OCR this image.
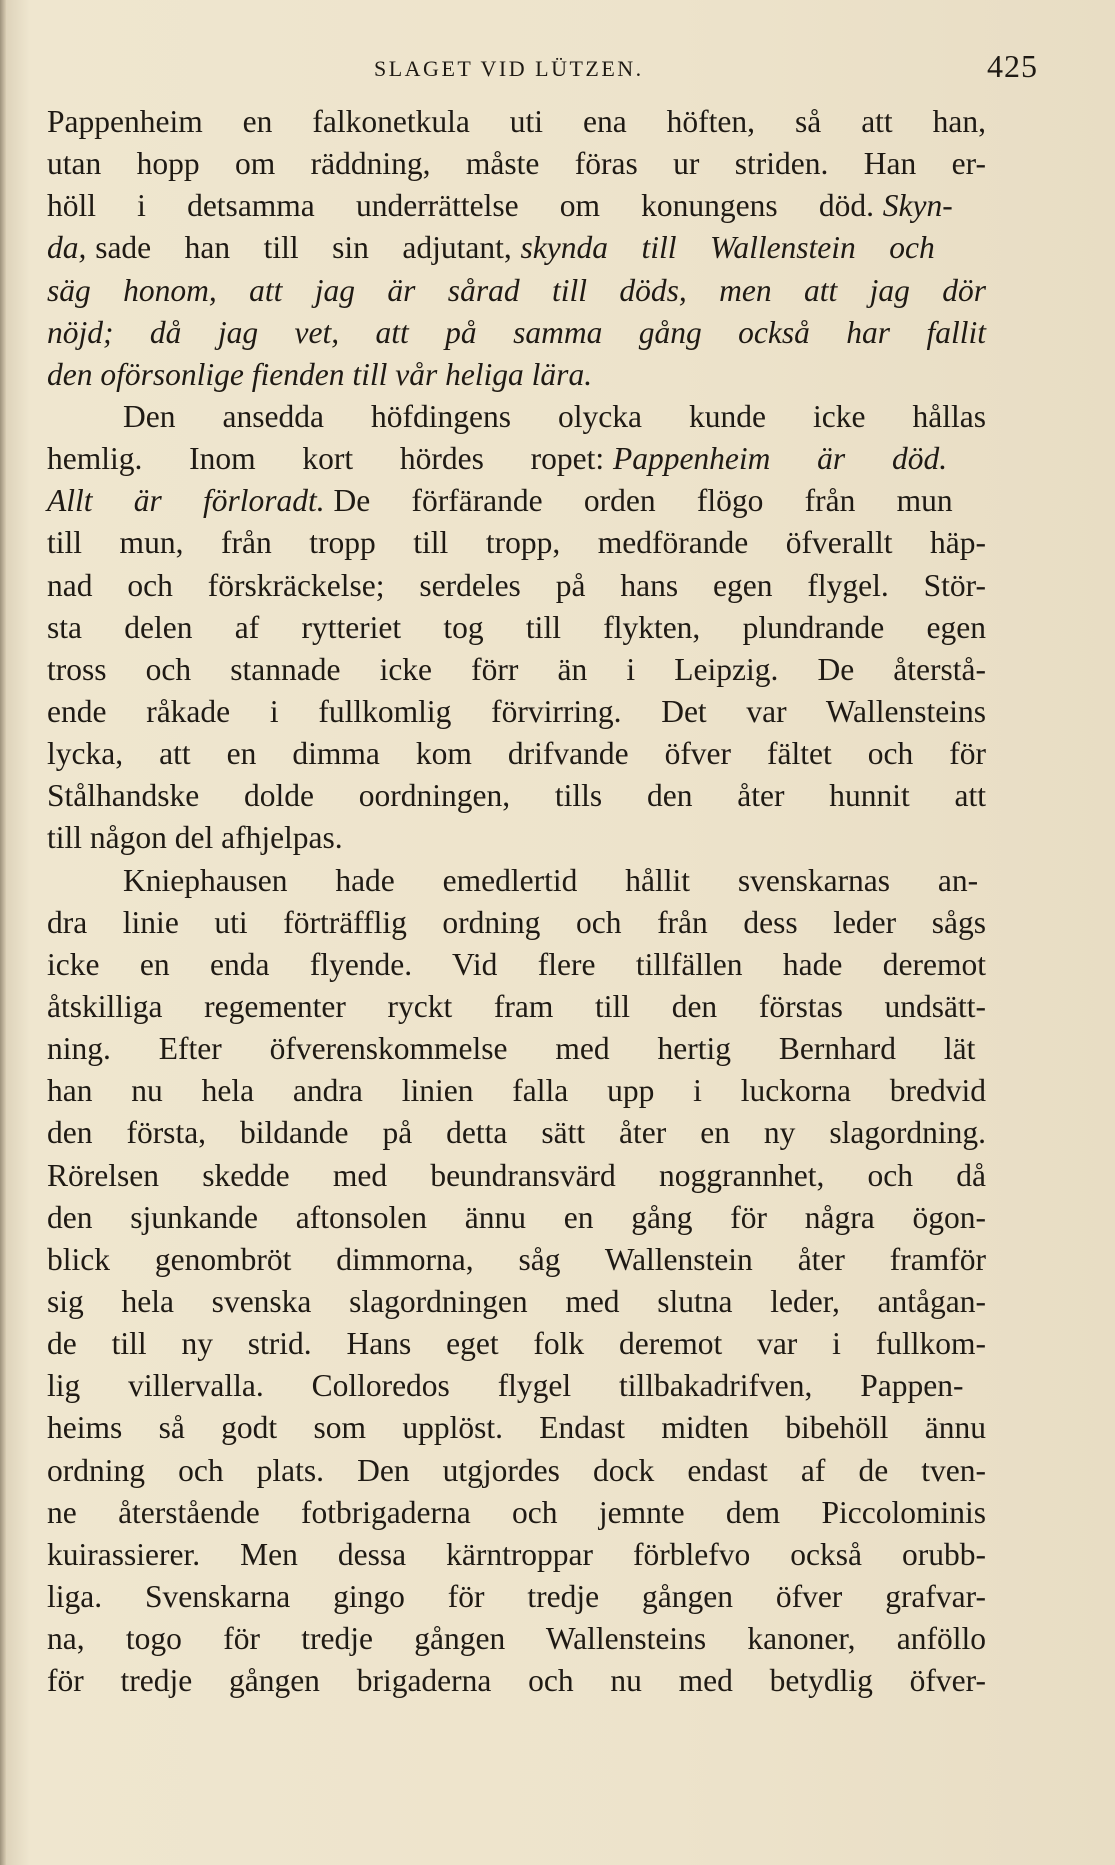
SLAGET VID LÜTZEN.	425
Pappenheim en falkonetkula uti ena höften, så att han,
utan hopp om räddning, måste föras ur striden. Han er-
höll i detsamma underrättelse om konungens död. Skyn-
da, sade han till sin adjutant, skynda till Wallenstein och
säg honom, att jag är sårad till döds, men att jag dör
nöjd; då jag vet, att på samma gång också har fallit
den oförsonlige fienden till vår heliga lära.
Den ansedda höfdingens olycka kunde icke hållas
hemlig. Inom kort hördes ropet: Pappenheim är död.
Allt är förloradt. De förfärande orden flögo från mun
till mun, från tropp till tropp, medförande öfverallt häp-
nad och förskräckelse; serdeles på hans egen flygel. Stör-
sta delen af rytteriet tog till flykten, plundrande egen
tross och stannade icke förr än i Leipzig. De återstå-
ende råkade i fullkomlig förvirring. Det var Wallensteins
lycka, att en dimma kom drifvande öfver fältet och för
Stålhandske dolde oordningen, tills den åter hunnit att
till någon del afhjelpas.
Kniephausen hade emedlertid hållit svenskarnas an-
dra linie uti förträfflig ordning och från dess leder sågs
icke en enda flyende. Vid flere tillfällen hade deremot
åtskilliga regementer ryckt fram till den förstas undsätt-
ning. Efter öfverenskommelse med hertig Bernhard lät
han nu hela andra linien falla upp i luckorna bredvid
den första, bildande på detta sätt åter en ny slagordning.
Rörelsen skedde med beundransvärd noggrannhet, och då
den sjunkande aftonsolen ännu en gång för några ögon-
blick genombröt dimmorna, såg Wallenstein åter framför
sig hela svenska slagordningen med slutna leder, antågan-
de till ny strid. Hans eget folk deremot var i fullkom-
lig villervalla. Colloredos flygel tillbakadrifven, Pappen-
heims så godt som upplöst. Endast midten bibehöll ännu
ordning och plats. Den utgjordes dock endast af de tven-
ne återstående fotbrigaderna och jemnte dem Piccolominis
kuirassierer. Men dessa kärntroppar förblefvo också orubb-
liga. Svenskarna gingo för tredje gången öfver grafvar-
na, togo för tredje gången Wallensteins kanoner, anföllo
för tredje gången brigaderna och nu med betydlig öfver-
